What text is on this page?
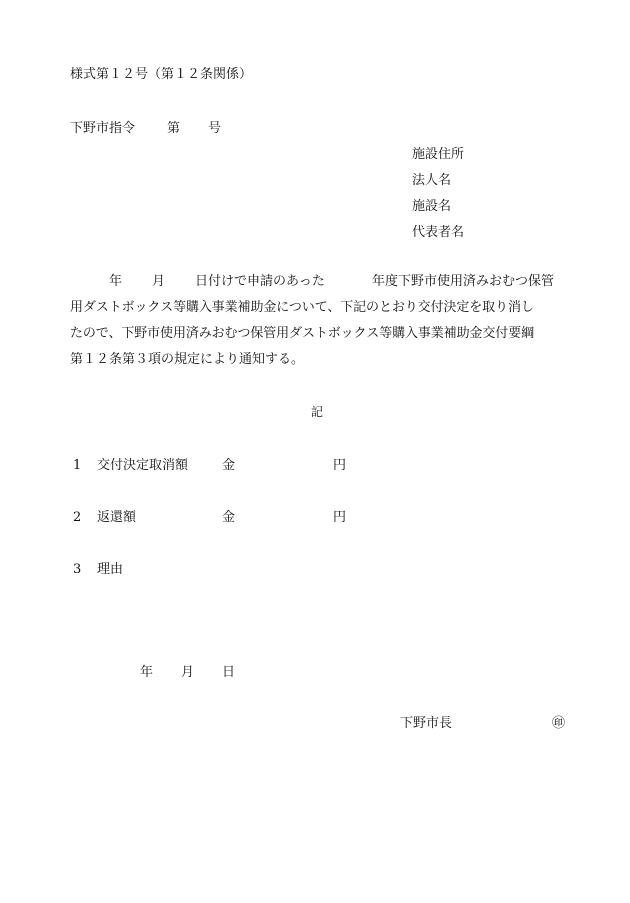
様式第１２号（第１２条関係）
下野市指令 第 号
施設住所
法人名
施設名
代表者名
年 月 日付けで申請のあった	年度下野市使用済みおむつ保管
用ダストボックス等購入事業補助金について、下記のとおり交付決定を取り消し
たので、下野市使用済みおむつ保管用ダストボックス等購入事業補助金交付要綱
第１２条第３項の規定により通知する。
記
1 交付決定取消額	金	円
2 返還額	金	円
3 理由
年 月 日
下野市長	㊞
